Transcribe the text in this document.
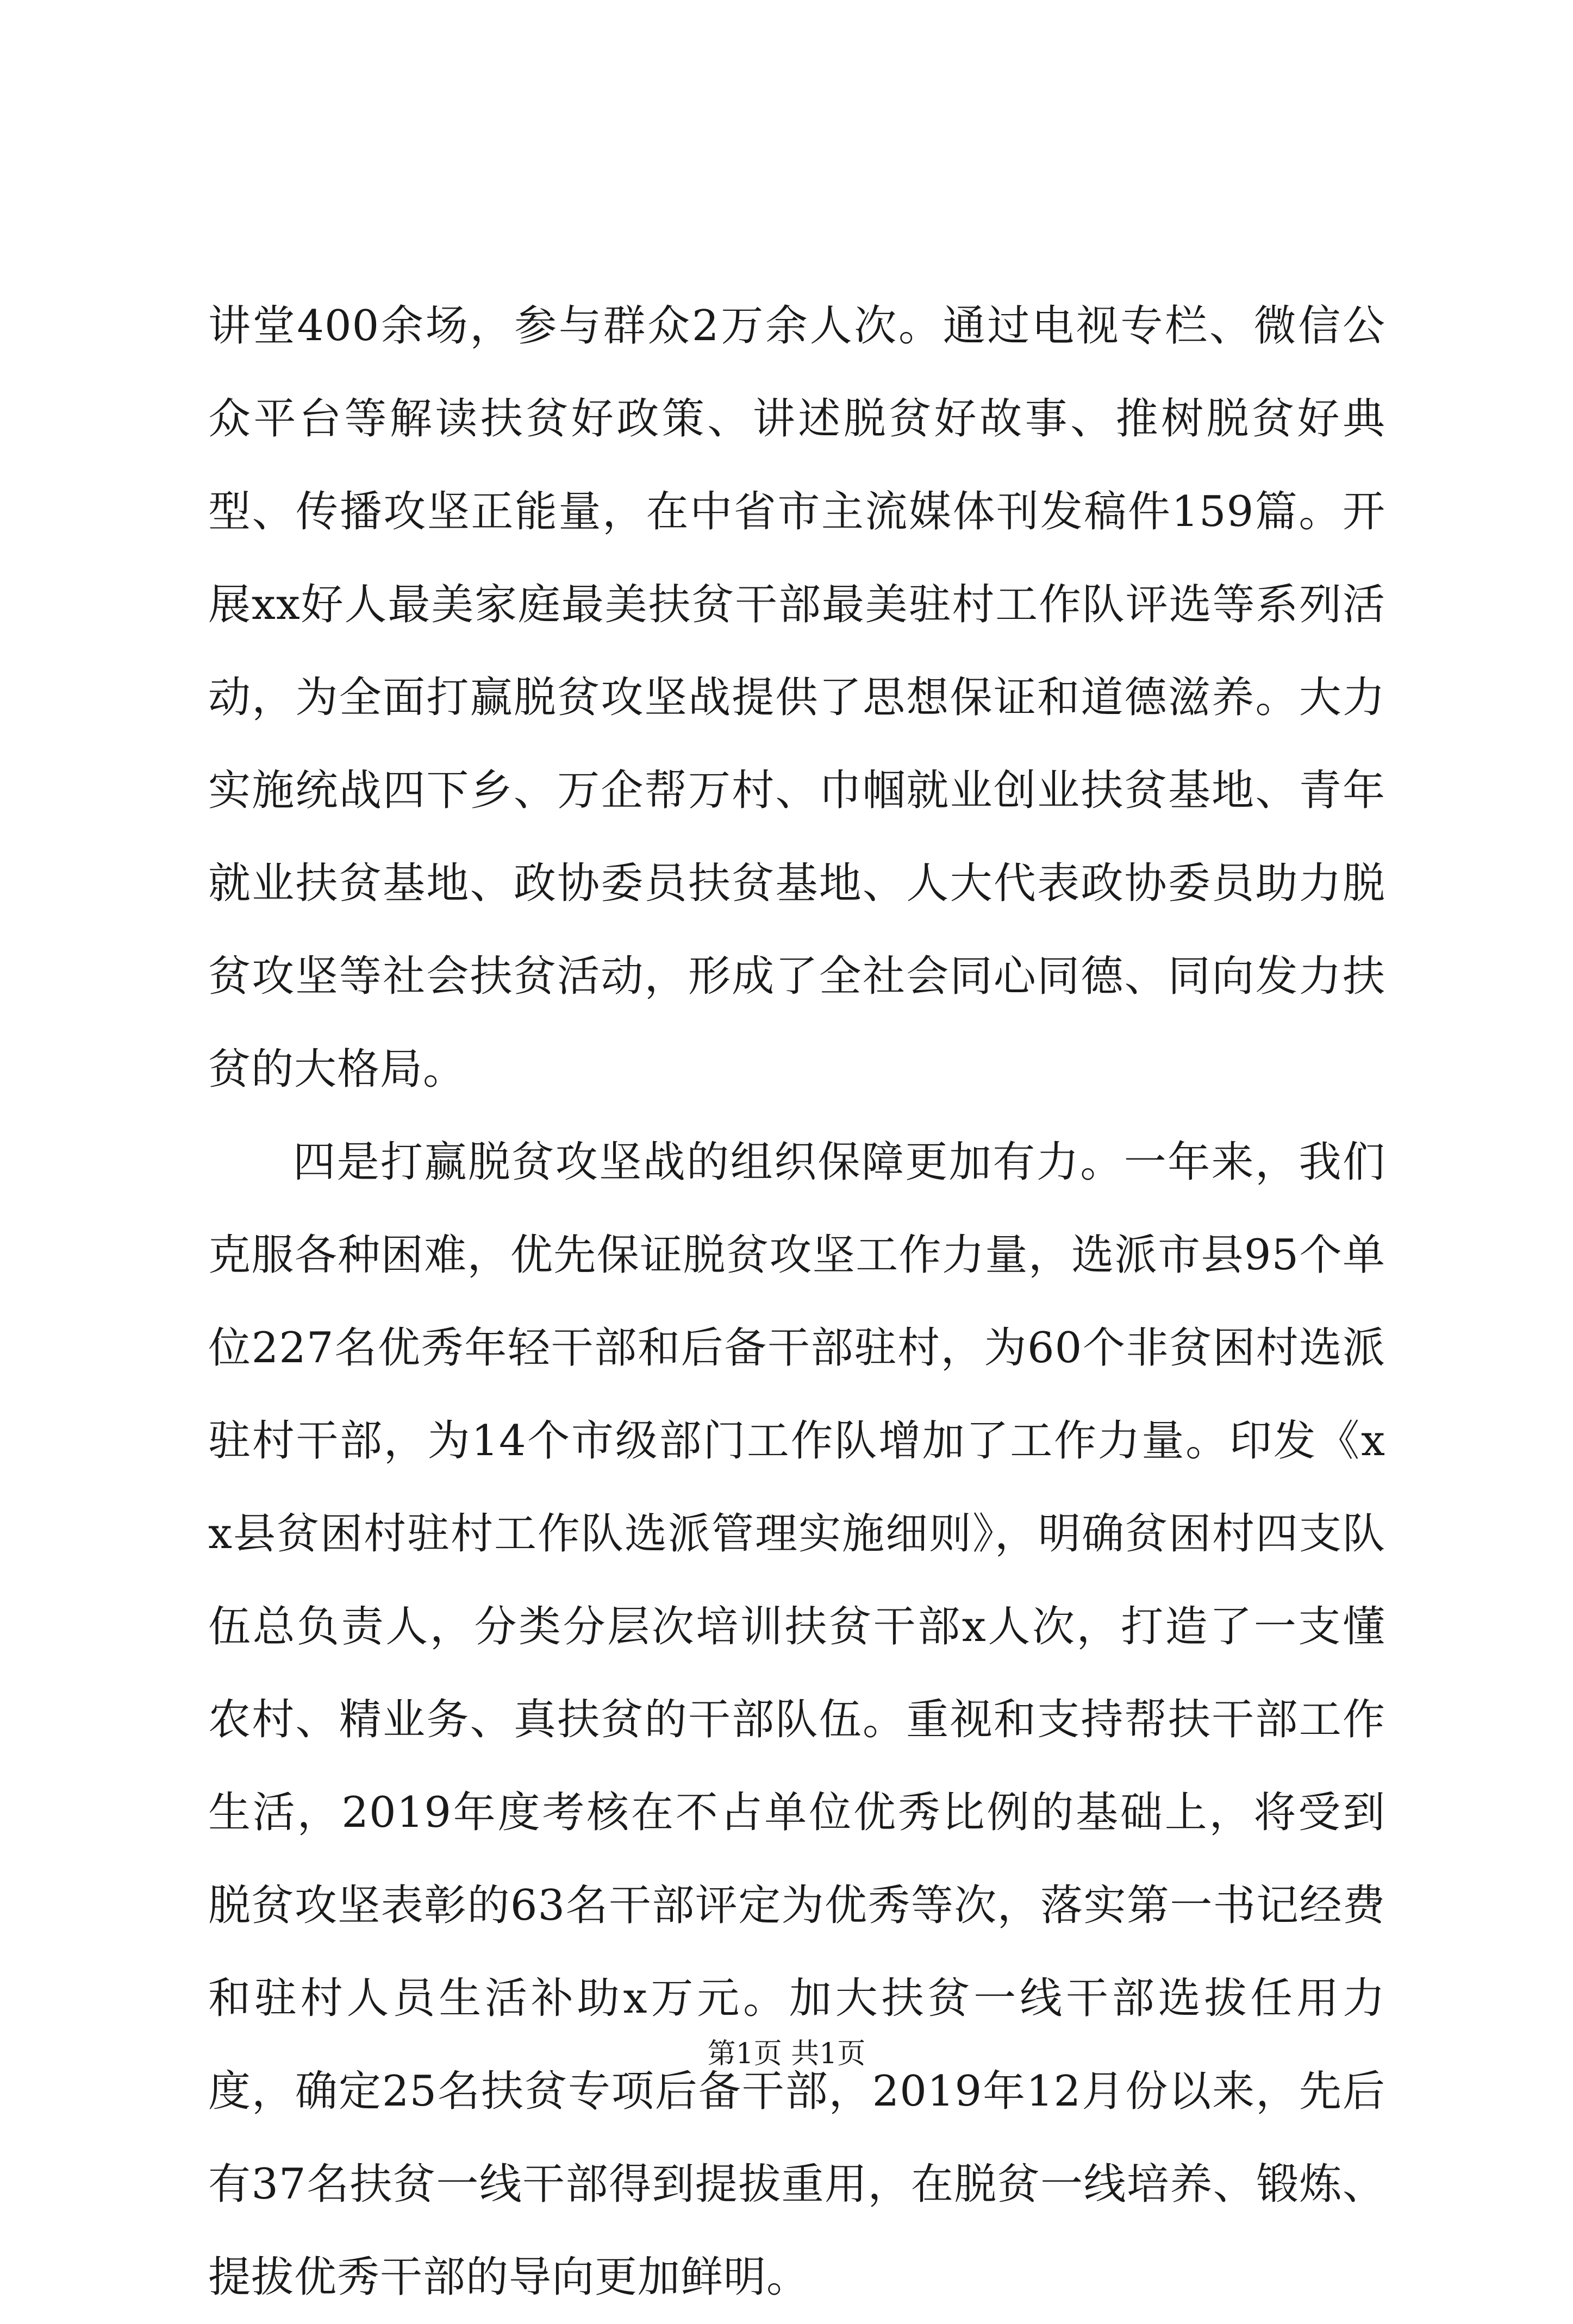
讲堂400余场，参与群众2万余人次。通过电视专栏、微信公众平台等解读扶贫好政策、讲述脱贫好故事、推树脱贫好典型、传播攻坚正能量，在中省市主流媒体刊发稿件159篇。开展xx好人最美家庭最美扶贫干部最美驻村工作队评选等系列活动，为全面打赢脱贫攻坚战提供了思想保证和道德滋养。大力实施统战四下乡、万企帮万村、巾帼就业创业扶贫基地、青年就业扶贫基地、政协委员扶贫基地、人大代表政协委员助力脱贫攻坚等社会扶贫活动，形成了全社会同心同德、同向发力扶贫的大格局。

四是打赢脱贫攻坚战的组织保障更加有力。一年来，我们克服各种困难，优先保证脱贫攻坚工作力量，选派市县95个单位227名优秀年轻干部和后备干部驻村，为60个非贫困村选派驻村干部，为14个市级部门工作队增加了工作力量。印发《xx县贫困村驻村工作队选派管理实施细则》，明确贫困村四支队伍总负责人，分类分层次培训扶贫干部x人次，打造了一支懂农村、精业务、真扶贫的干部队伍。重视和支持帮扶干部工作生活，2019年度考核在不占单位优秀比例的基础上，将受到脱贫攻坚表彰的63名干部评定为优秀等次，落实第一书记经费和驻村人员生活补助x万元。加大扶贫一线干部选拔任用力度，确定25名扶贫专项后备干部，2019年12月份以来，先后有37名扶贫一线干部得到提拔重用，在脱贫一线培养、锻炼、提拔优秀干部的导向更加鲜明。

第1页 共1页
